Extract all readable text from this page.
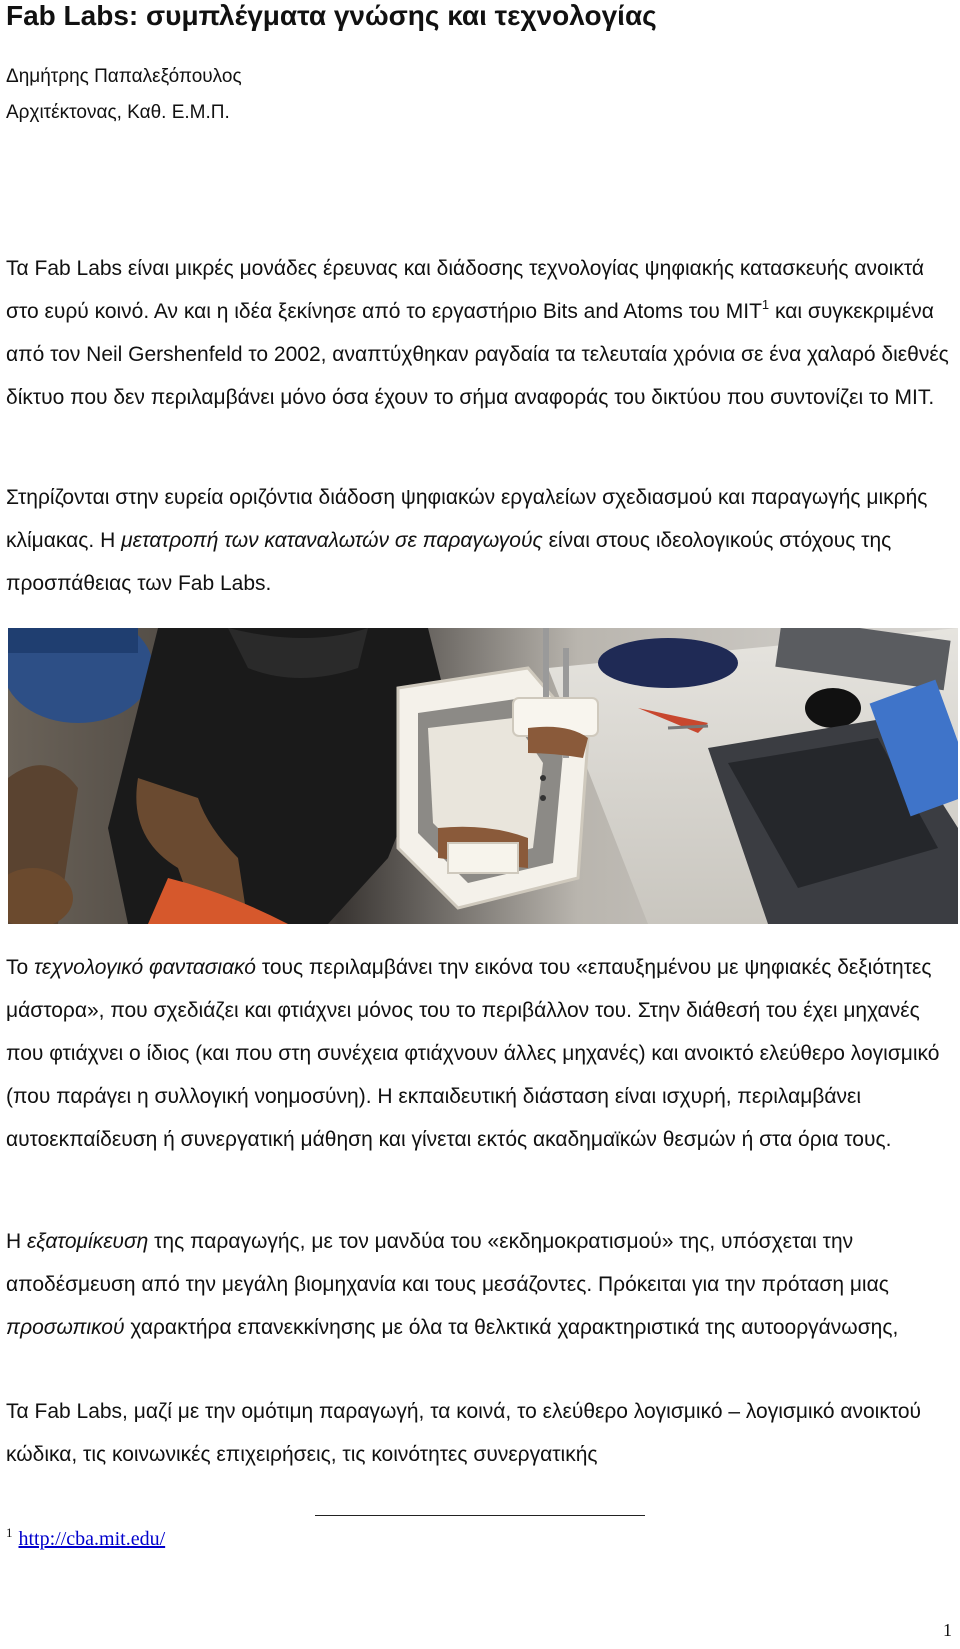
Fab Labs: συμπλέγματα γνώσης και τεχνολογίας
Δημήτρης Παπαλεξόπουλος
Αρχιτέκτονας, Καθ. Ε.Μ.Π.

Τα Fab Labs είναι μικρές μονάδες έρευνας και διάδοσης τεχνολογίας ψηφιακής κατασκευής ανοικτά στο ευρύ κοινό. Αν και η ιδέα ξεκίνησε από το εργαστήριο Bits and Atoms του MIT$^1$ και συγκεκριμένα από τον Neil Gershenfeld το 2002, αναπτύχθηκαν ραγδαία τα τελευταία χρόνια σε ένα χαλαρό διεθνές δίκτυο που δεν περιλαμβάνει μόνο όσα έχουν το σήμα αναφοράς του δικτύου που συντονίζει το MIT.

Στηρίζονται στην ευρεία οριζόντια διάδοση ψηφιακών εργαλείων σχεδιασμού και παραγωγής μικρής κλίμακας. Η μετατροπή των καταναλωτών σε παραγωγούς είναι στους ιδεολογικούς στόχους της προσπάθειας των Fab Labs.

Το τεχνολογικό φαντασιακό τους περιλαμβάνει την εικόνα του «επαυξημένου με ψηφιακές δεξιότητες μάστορα», που σχεδιάζει και φτιάχνει μόνος του το περιβάλλον του. Στην διάθεσή του έχει μηχανές που φτιάχνει ο ίδιος (και που στη συνέχεια φτιάχνουν άλλες μηχανές) και ανοικτό ελεύθερο λογισμικό (που παράγει η συλλογική νοημοσύνη). Η εκπαιδευτική διάσταση είναι ισχυρή, περιλαμβάνει αυτοεκπαίδευση ή συνεργατική μάθηση και γίνεται εκτός ακαδημαϊκών θεσμών ή στα όρια τους.

Η εξατομίκευση της παραγωγής, με τον μανδύα του «εκδημοκρατισμού» της, υπόσχεται την αποδέσμευση από την μεγάλη βιομηχανία και τους μεσάζοντες. Πρόκειται για την πρόταση μιας προσωπικού χαρακτήρα επανεκκίνησης με όλα τα θελκτικά χαρακτηριστικά της αυτοοργάνωσης,

Τα Fab Labs, μαζί με την ομότιμη παραγωγή, τα κοινά, το ελεύθερο λογισμικό – λογισμικό ανοικτού κώδικα, τις κοινωνικές επιχειρήσεις, τις κοινότητες συνεργατικής

$^1$ http://cba.mit.edu/
1
